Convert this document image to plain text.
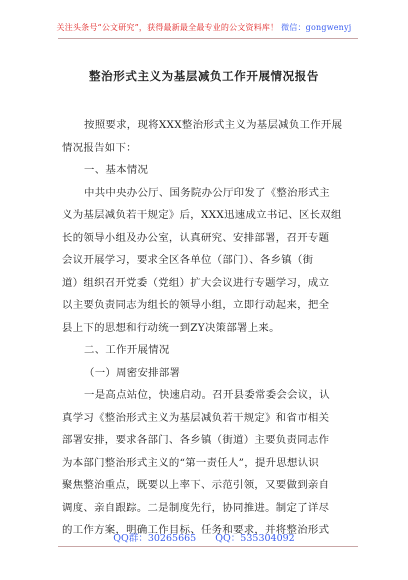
关注头条号“公文研究”，获得最新最全最专业的公文资料库！ 微信：gongwenyj
整治形式主义为基层减负工作开展情况报告
按照要求，现将XXX整治形式主义为基层减负工作开展
情况报告如下：
一、基本情况
中共中央办公厅、国务院办公厅印发了《整治形式主
义为基层减负若干规定》后，XXX迅速成立书记、区长双组
长的领导小组及办公室，认真研究、安排部署，召开专题
会议开展学习，要求全区各单位（部门）、各乡镇（街
道）组织召开党委（党组）扩大会议进行专题学习，成立
以主要负责同志为组长的领导小组，立即行动起来，把全
县上下的思想和行动统一到ZY决策部署上来。
二、工作开展情况
（一）周密安排部署
一是高点站位，快速启动。召开县委常委会会议，认
真学习《整治形式主义为基层减负若干规定》和省市相关
部署安排，要求各部门、各乡镇（街道）主要负责同志作
为本部门整治形式主义的“第一责任人”，提升思想认识
聚焦整治重点，既要以上率下、示范引领，又要做到亲自
调度、亲自跟踪。二是制度先行，协同推进。制定了详尽
的工作方案，明确工作目标、任务和要求，并将整治形式
QQ群：30265665 QQ：535304092
